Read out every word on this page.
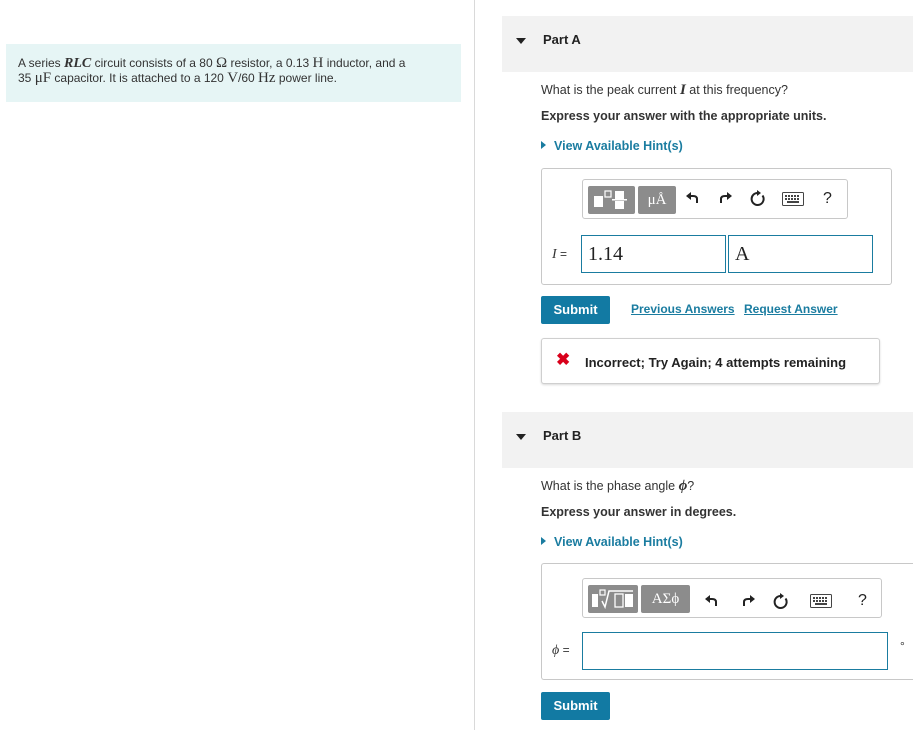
A series RLC circuit consists of a 80 Ω resistor, a 0.13 H inductor, and a
35 μF capacitor. It is attached to a 120 V/60 Hz power line.
Part A
What is the peak current I at this frequency?
Express your answer with the appropriate units.
View Available Hint(s)
μÅ	?
I =	1.14	A
Submit	Previous Answers Request Answer
✖ Incorrect; Try Again; 4 attempts remaining
Part B
What is the phase angle ϕ?
Express your answer in degrees.
View Available Hint(s)
ΑΣϕ	?
ϕ =	°
Submit
